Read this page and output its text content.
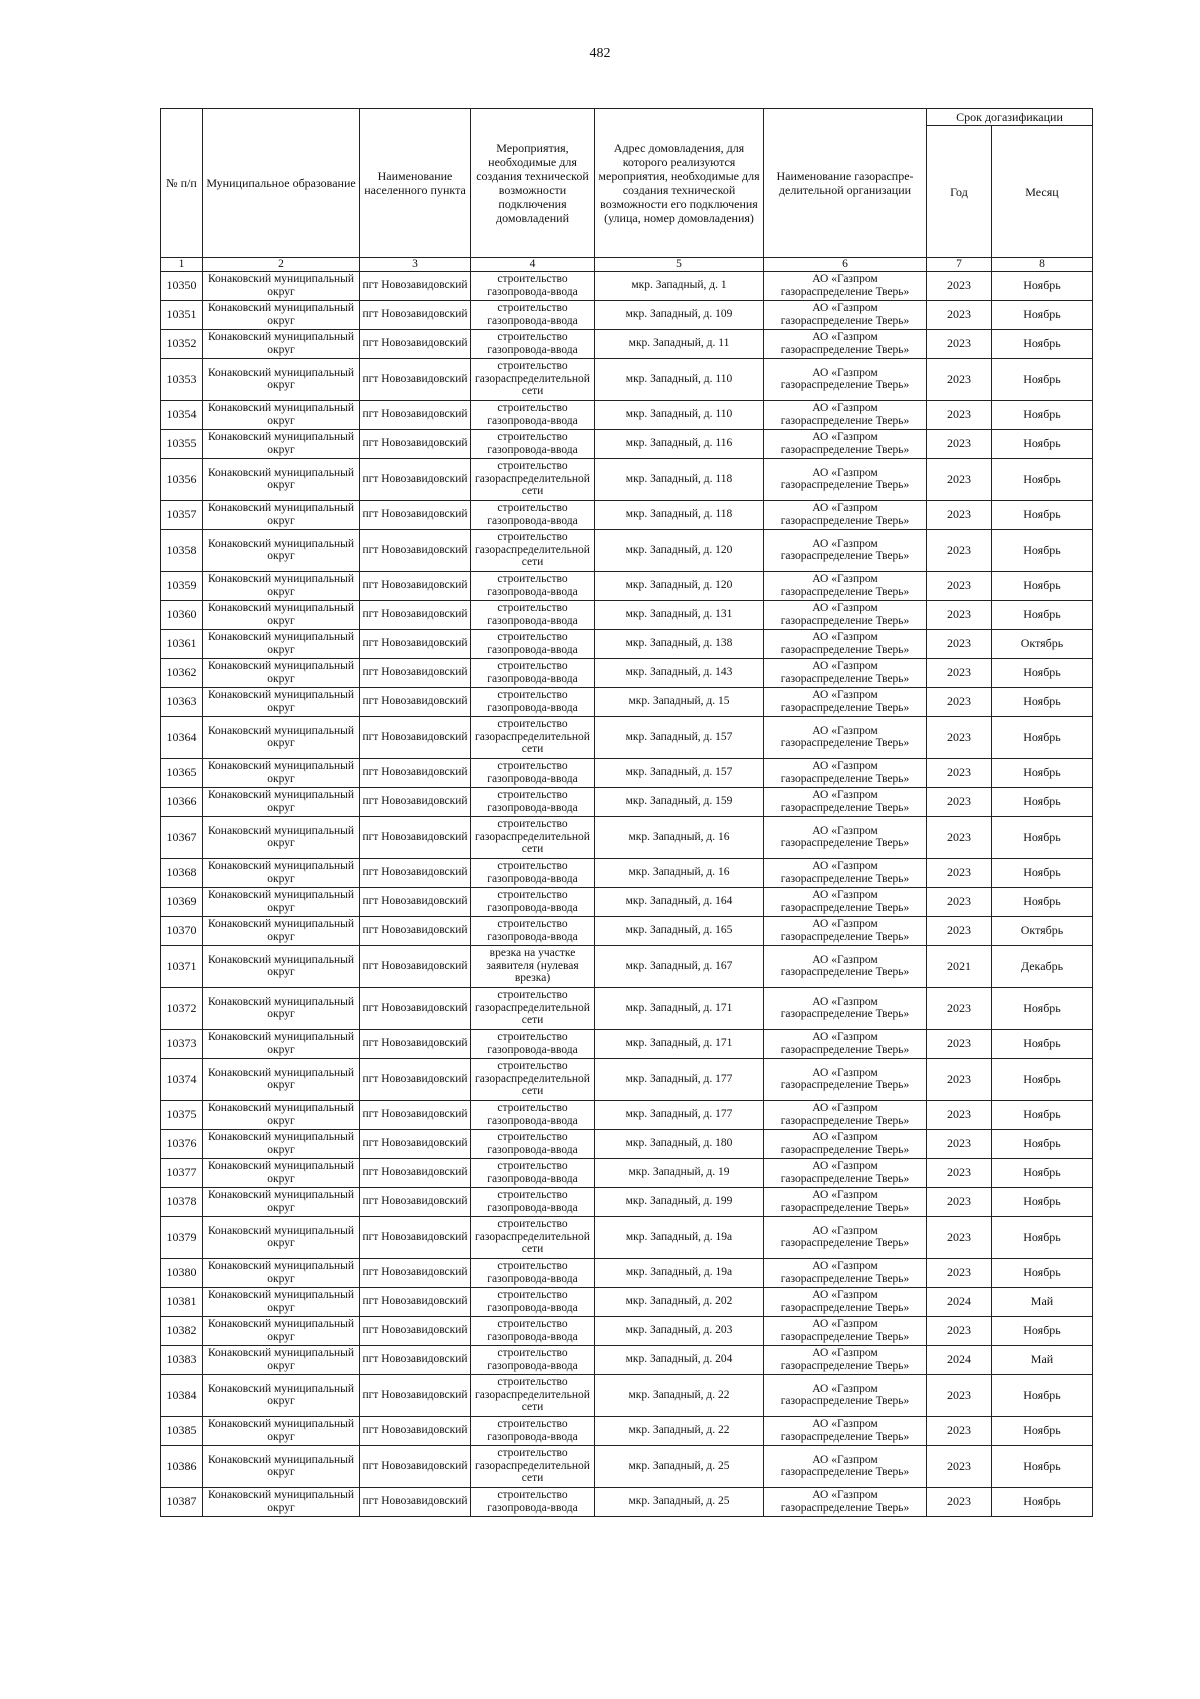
482
№ п/п	Муниципальное образование	Наименование населенного пункта	Мероприятия, необходимые для создания технической возможности подключения домовладений	Адрес домовладения, для которого реализуются мероприятия, необходимые для создания технической возможности его подключения (улица, номер домовладения)	Наименование газораспре-делительной организации	Срок догазификации	
						Год	Месяц
1	2	3	4	5	6	7	8
10350	Конаковский муниципальный округ	пгт Новозавидовский	строительство газопровода-ввода	мкр. Западный, д. 1	АО «Газпром газораспределение Тверь»	2023	Ноябрь
10351	Конаковский муниципальный округ	пгт Новозавидовский	строительство газопровода-ввода	мкр. Западный, д. 109	АО «Газпром газораспределение Тверь»	2023	Ноябрь
10352	Конаковский муниципальный округ	пгт Новозавидовский	строительство газопровода-ввода	мкр. Западный, д. 11	АО «Газпром газораспределение Тверь»	2023	Ноябрь
10353	Конаковский муниципальный округ	пгт Новозавидовский	строительство газораспределительной сети	мкр. Западный, д. 110	АО «Газпром газораспределение Тверь»	2023	Ноябрь
10354	Конаковский муниципальный округ	пгт Новозавидовский	строительство газопровода-ввода	мкр. Западный, д. 110	АО «Газпром газораспределение Тверь»	2023	Ноябрь
10355	Конаковский муниципальный округ	пгт Новозавидовский	строительство газопровода-ввода	мкр. Западный, д. 116	АО «Газпром газораспределение Тверь»	2023	Ноябрь
10356	Конаковский муниципальный округ	пгт Новозавидовский	строительство газораспределительной сети	мкр. Западный, д. 118	АО «Газпром газораспределение Тверь»	2023	Ноябрь
10357	Конаковский муниципальный округ	пгт Новозавидовский	строительство газопровода-ввода	мкр. Западный, д. 118	АО «Газпром газораспределение Тверь»	2023	Ноябрь
10358	Конаковский муниципальный округ	пгт Новозавидовский	строительство газораспределительной сети	мкр. Западный, д. 120	АО «Газпром газораспределение Тверь»	2023	Ноябрь
10359	Конаковский муниципальный округ	пгт Новозавидовский	строительство газопровода-ввода	мкр. Западный, д. 120	АО «Газпром газораспределение Тверь»	2023	Ноябрь
10360	Конаковский муниципальный округ	пгт Новозавидовский	строительство газопровода-ввода	мкр. Западный, д. 131	АО «Газпром газораспределение Тверь»	2023	Ноябрь
10361	Конаковский муниципальный округ	пгт Новозавидовский	строительство газопровода-ввода	мкр. Западный, д. 138	АО «Газпром газораспределение Тверь»	2023	Октябрь
10362	Конаковский муниципальный округ	пгт Новозавидовский	строительство газопровода-ввода	мкр. Западный, д. 143	АО «Газпром газораспределение Тверь»	2023	Ноябрь
10363	Конаковский муниципальный округ	пгт Новозавидовский	строительство газопровода-ввода	мкр. Западный, д. 15	АО «Газпром газораспределение Тверь»	2023	Ноябрь
10364	Конаковский муниципальный округ	пгт Новозавидовский	строительство газораспределительной сети	мкр. Западный, д. 157	АО «Газпром газораспределение Тверь»	2023	Ноябрь
10365	Конаковский муниципальный округ	пгт Новозавидовский	строительство газопровода-ввода	мкр. Западный, д. 157	АО «Газпром газораспределение Тверь»	2023	Ноябрь
10366	Конаковский муниципальный округ	пгт Новозавидовский	строительство газопровода-ввода	мкр. Западный, д. 159	АО «Газпром газораспределение Тверь»	2023	Ноябрь
10367	Конаковский муниципальный округ	пгт Новозавидовский	строительство газораспределительной сети	мкр. Западный, д. 16	АО «Газпром газораспределение Тверь»	2023	Ноябрь
10368	Конаковский муниципальный округ	пгт Новозавидовский	строительство газопровода-ввода	мкр. Западный, д. 16	АО «Газпром газораспределение Тверь»	2023	Ноябрь
10369	Конаковский муниципальный округ	пгт Новозавидовский	строительство газопровода-ввода	мкр. Западный, д. 164	АО «Газпром газораспределение Тверь»	2023	Ноябрь
10370	Конаковский муниципальный округ	пгт Новозавидовский	строительство газопровода-ввода	мкр. Западный, д. 165	АО «Газпром газораспределение Тверь»	2023	Октябрь
10371	Конаковский муниципальный округ	пгт Новозавидовский	врезка на участке заявителя (нулевая врезка)	мкр. Западный, д. 167	АО «Газпром газораспределение Тверь»	2021	Декабрь
10372	Конаковский муниципальный округ	пгт Новозавидовский	строительство газораспределительной сети	мкр. Западный, д. 171	АО «Газпром газораспределение Тверь»	2023	Ноябрь
10373	Конаковский муниципальный округ	пгт Новозавидовский	строительство газопровода-ввода	мкр. Западный, д. 171	АО «Газпром газораспределение Тверь»	2023	Ноябрь
10374	Конаковский муниципальный округ	пгт Новозавидовский	строительство газораспределительной сети	мкр. Западный, д. 177	АО «Газпром газораспределение Тверь»	2023	Ноябрь
10375	Конаковский муниципальный округ	пгт Новозавидовский	строительство газопровода-ввода	мкр. Западный, д. 177	АО «Газпром газораспределение Тверь»	2023	Ноябрь
10376	Конаковский муниципальный округ	пгт Новозавидовский	строительство газопровода-ввода	мкр. Западный, д. 180	АО «Газпром газораспределение Тверь»	2023	Ноябрь
10377	Конаковский муниципальный округ	пгт Новозавидовский	строительство газопровода-ввода	мкр. Западный, д. 19	АО «Газпром газораспределение Тверь»	2023	Ноябрь
10378	Конаковский муниципальный округ	пгт Новозавидовский	строительство газопровода-ввода	мкр. Западный, д. 199	АО «Газпром газораспределение Тверь»	2023	Ноябрь
10379	Конаковский муниципальный округ	пгт Новозавидовский	строительство газораспределительной сети	мкр. Западный, д. 19а	АО «Газпром газораспределение Тверь»	2023	Ноябрь
10380	Конаковский муниципальный округ	пгт Новозавидовский	строительство газопровода-ввода	мкр. Западный, д. 19а	АО «Газпром газораспределение Тверь»	2023	Ноябрь
10381	Конаковский муниципальный округ	пгт Новозавидовский	строительство газопровода-ввода	мкр. Западный, д. 202	АО «Газпром газораспределение Тверь»	2024	Май
10382	Конаковский муниципальный округ	пгт Новозавидовский	строительство газопровода-ввода	мкр. Западный, д. 203	АО «Газпром газораспределение Тверь»	2023	Ноябрь
10383	Конаковский муниципальный округ	пгт Новозавидовский	строительство газопровода-ввода	мкр. Западный, д. 204	АО «Газпром газораспределение Тверь»	2024	Май
10384	Конаковский муниципальный округ	пгт Новозавидовский	строительство газораспределительной сети	мкр. Западный, д. 22	АО «Газпром газораспределение Тверь»	2023	Ноябрь
10385	Конаковский муниципальный округ	пгт Новозавидовский	строительство газопровода-ввода	мкр. Западный, д. 22	АО «Газпром газораспределение Тверь»	2023	Ноябрь
10386	Конаковский муниципальный округ	пгт Новозавидовский	строительство газораспределительной сети	мкр. Западный, д. 25	АО «Газпром газораспределение Тверь»	2023	Ноябрь
10387	Конаковский муниципальный округ	пгт Новозавидовский	строительство газопровода-ввода	мкр. Западный, д. 25	АО «Газпром газораспределение Тверь»	2023	Ноябрь
